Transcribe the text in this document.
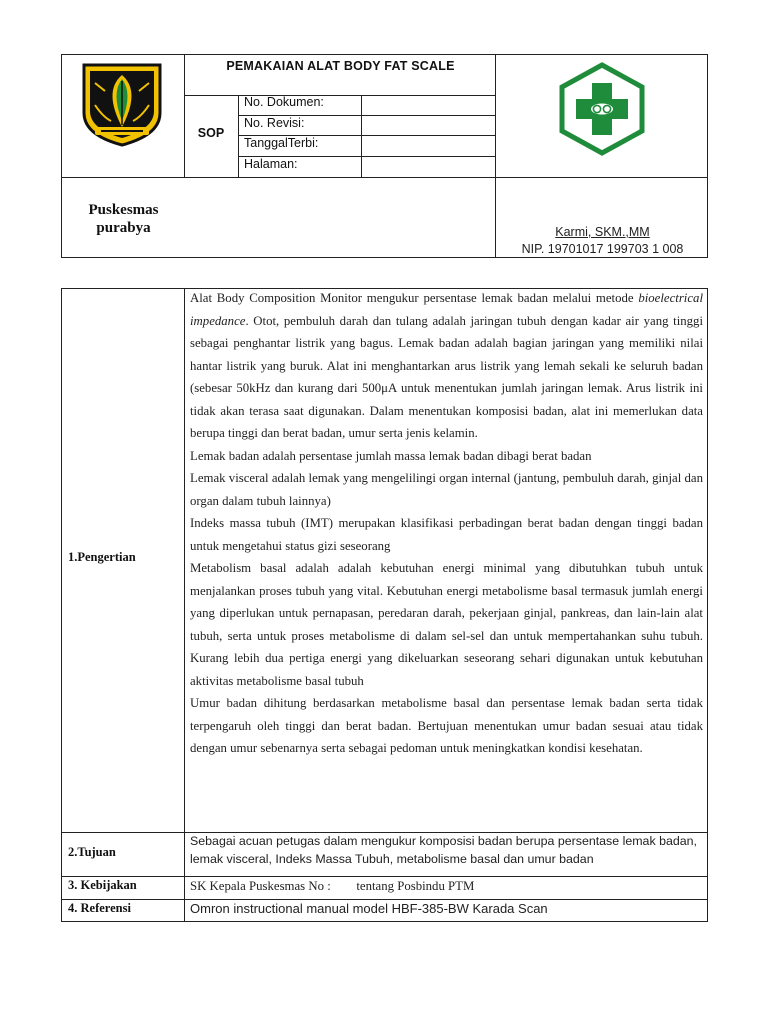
PEMAKAIAN ALAT BODY FAT SCALE
SOP
No. Dokumen:
No. Revisi:
TanggalTerbi:
Halaman:
Puskesmas
purabya	Karmi, SKM.,MM
NIP. 19701017 199703 1 008
1.Pengertian
2.Tujuan
3. Kebijakan
4. Referensi

Alat Body Composition Monitor mengukur persentase lemak badan melalui metode bioelectrical impedance. Otot, pembuluh darah dan tulang adalah jaringan tubuh dengan kadar air yang tinggi sebagai penghantar listrik yang bagus. Lemak badan adalah bagian jaringan yang memiliki nilai hantar listrik yang buruk. Alat ini menghantarkan arus listrik yang lemah sekali ke seluruh badan (sebesar 50kHz dan kurang dari 500μA untuk menentukan jumlah jaringan lemak. Arus listrik ini tidak akan terasa saat digunakan. Dalam menentukan komposisi badan, alat ini memerlukan data berupa tinggi dan berat badan, umur serta jenis kelamin.

Lemak badan adalah persentase jumlah massa lemak badan dibagi berat badan

Lemak visceral adalah lemak yang mengelilingi organ internal (jantung, pembuluh darah, ginjal dan organ dalam tubuh lainnya)

Indeks massa tubuh (IMT) merupakan klasifikasi perbadingan berat badan dengan tinggi badan untuk mengetahui status gizi seseorang

Metabolism basal adalah adalah kebutuhan energi minimal yang dibutuhkan tubuh untuk menjalankan proses tubuh yang vital. Kebutuhan energi metabolisme basal termasuk jumlah energi yang diperlukan untuk pernapasan, peredaran darah, pekerjaan ginjal, pankreas, dan lain-lain alat tubuh, serta untuk proses metabolisme di dalam sel-sel dan untuk mempertahankan suhu tubuh. Kurang lebih dua pertiga energi yang dikeluarkan seseorang sehari digunakan untuk kebutuhan aktivitas metabolisme basal tubuh

Umur badan dihitung berdasarkan metabolisme basal dan persentase lemak badan serta tidak terpengaruh oleh tinggi dan berat badan. Bertujuan menentukan umur badan sesuai atau tidak dengan umur sebenarnya serta sebagai pedoman untuk meningkatkan kondisi kesehatan.

Sebagai acuan petugas dalam mengukur komposisi badan berupa persentase lemak badan, lemak visceral, Indeks Massa Tubuh, metabolisme basal dan umur badan
SK Kepala Puskesmas No :        tentang Posbindu PTM
Omron instructional manual model HBF-385-BW Karada Scan
